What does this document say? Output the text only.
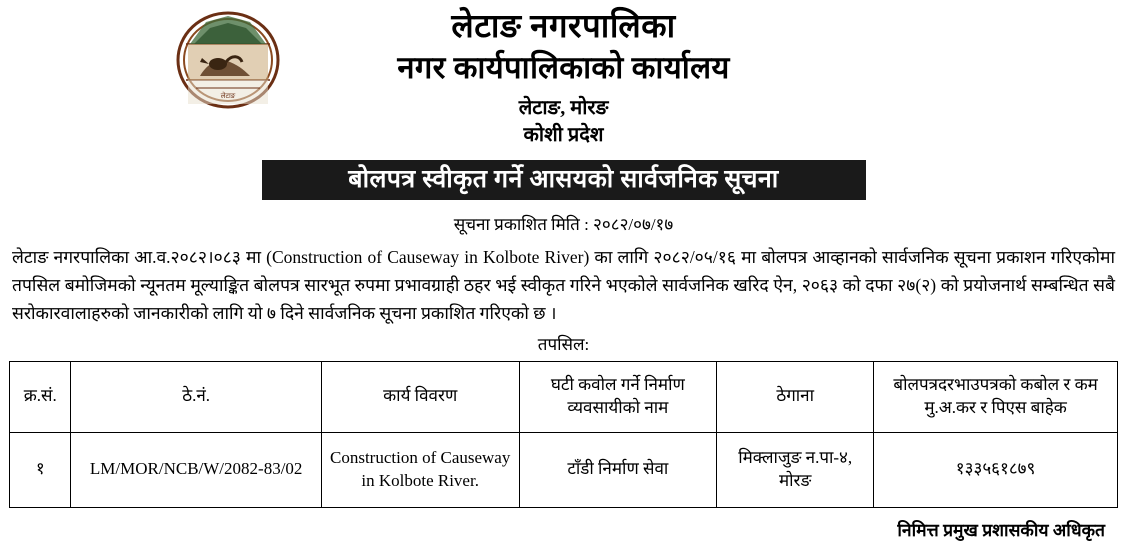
लेटाङ
लेटाङ नगरपालिका
नगर कार्यपालिकाको कार्यालय
लेटाङ, मोरङ
कोशी प्रदेश
बोलपत्र स्वीकृत गर्ने आसयको सार्वजनिक सूचना
सूचना प्रकाशित मिति : २०८२/०७/१७
लेटाङ नगरपालिका आ.व.२०८२।०८३ मा (Construction of Causeway in Kolbote River) का लागि २०८२/०५/१६ मा बोलपत्र आव्हानको सार्वजनिक सूचना प्रकाशन गरिएकोमा तपसिल बमोजिमको न्यूनतम मूल्याङ्कित बोलपत्र सारभूत रुपमा प्रभावग्राही ठहर भई स्वीकृत गरिने भएकोले सार्वजनिक खरिद ऐन, २०६३ को दफा २७(२) को प्रयोजनार्थ सम्बन्धित सबै सरोकारवालाहरुको जानकारीको लागि यो ७ दिने सार्वजनिक सूचना प्रकाशित गरिएको छ ।
तपसिल:
क्र.सं.	ठे.नं.	कार्य विवरण	घटी कवोल गर्ने निर्माण व्यवसायीको नाम	ठेगाना	बोलपत्रदरभाउपत्रको कबोल र कम मु.अ.कर र पिएस बाहेक
१	LM/MOR/NCB/W/2082-83/02	Construction of Causeway in Kolbote River.	टाँडी निर्माण सेवा	मिक्लाजुङ न.पा-४, मोरङ	१३३५६१८७९
निमित्त प्रमुख प्रशासकीय अधिकृत
